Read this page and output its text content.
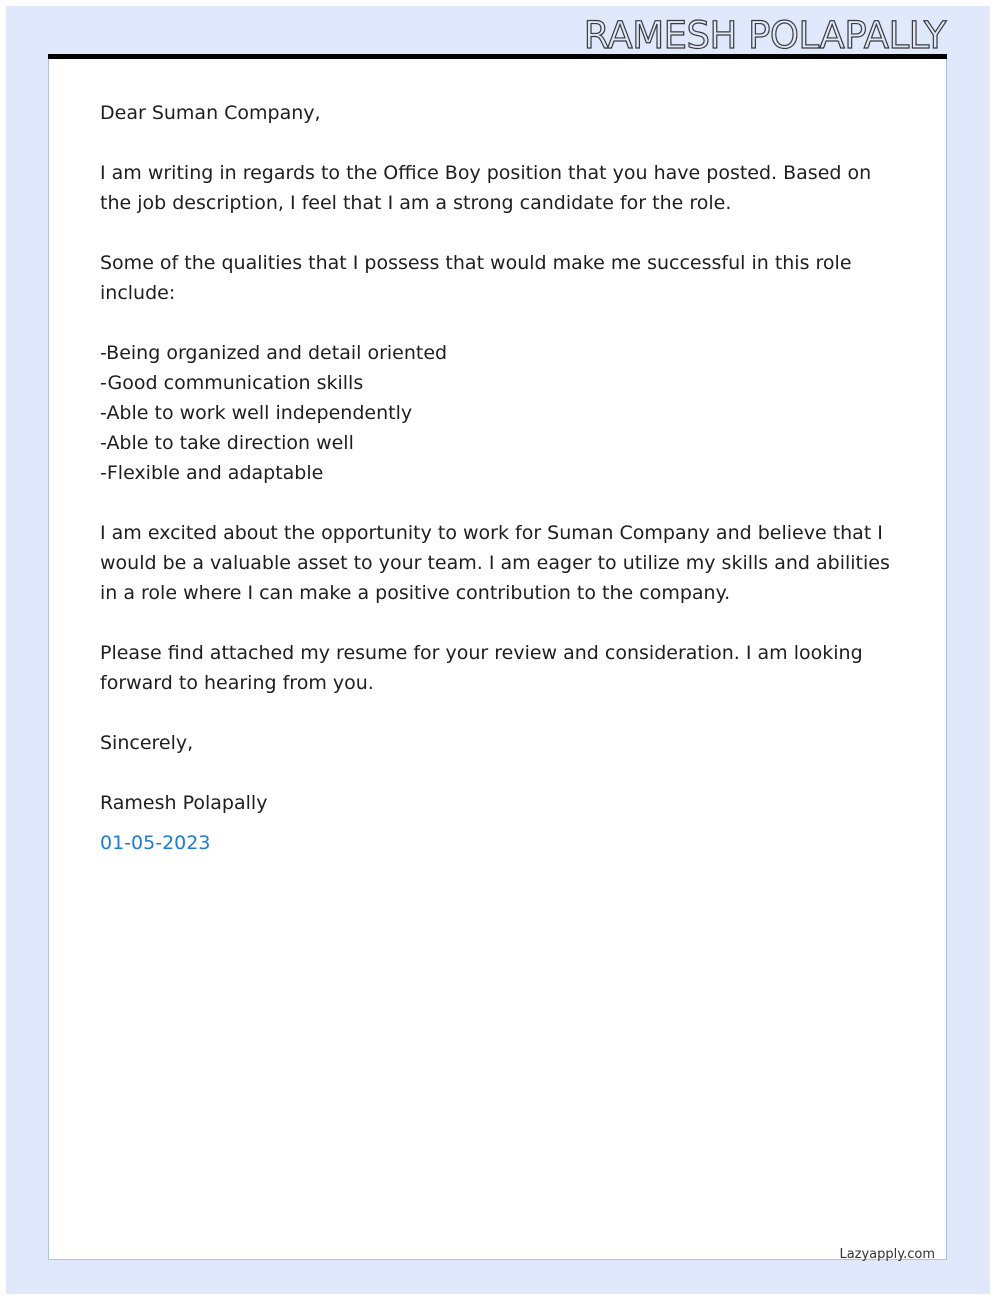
RAMESH POLAPALLY

Dear Suman Company,

I am writing in regards to the Office Boy position that you have posted. Based on the job description, I feel that I am a strong candidate for the role.

Some of the qualities that I possess that would make me successful in this role include:

-Being organized and detail oriented
-Good communication skills
-Able to work well independently
-Able to take direction well
-Flexible and adaptable

I am excited about the opportunity to work for Suman Company and believe that I would be a valuable asset to your team. I am eager to utilize my skills and abilities in a role where I can make a positive contribution to the company.

Please find attached my resume for your review and consideration. I am looking forward to hearing from you.

Sincerely,

Ramesh Polapally

01-05-2023

Lazyapply.com
